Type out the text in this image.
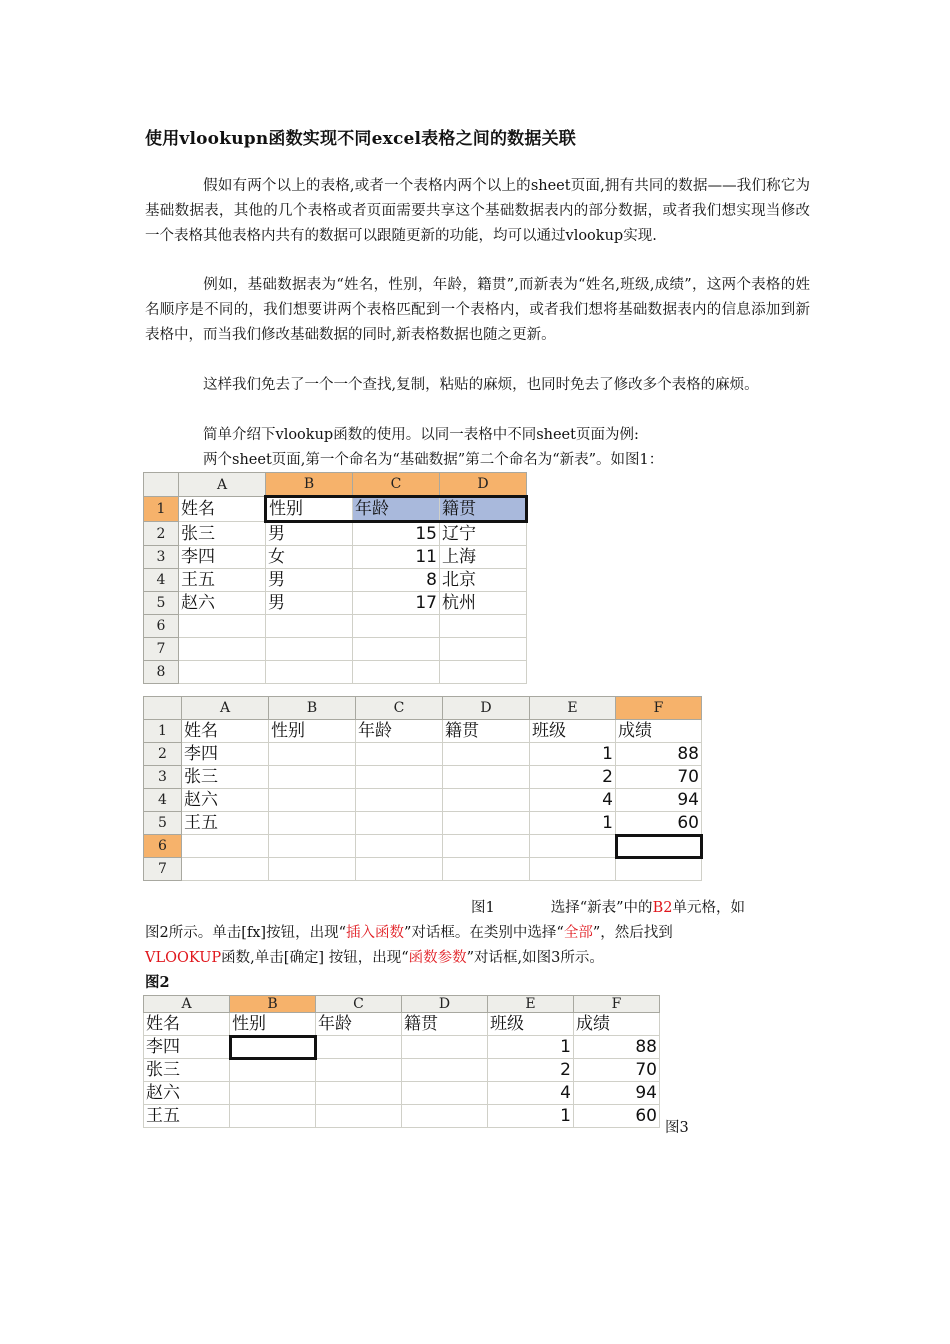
使用vlookupn函数实现不同excel表格之间的数据关联
假如有两个以上的表格,或者一个表格内两个以上的sheet页面,拥有共同的数据——我们称它为基础数据表，其他的几个表格或者页面需要共享这个基础数据表内的部分数据，或者我们想实现当修改一个表格其他表格内共有的数据可以跟随更新的功能，均可以通过vlookup实现.
例如，基础数据表为“姓名，性别，年龄，籍贯”,而新表为“姓名,班级,成绩”，这两个表格的姓名顺序是不同的，我们想要讲两个表格匹配到一个表格内，或者我们想将基础数据表内的信息添加到新表格中，而当我们修改基础数据的同时,新表格数据也随之更新。
这样我们免去了一个一个查找,复制，粘贴的麻烦，也同时免去了修改多个表格的麻烦。
简单介绍下vlookup函数的使用。以同一表格中不同sheet页面为例:
两个sheet页面,第一个命名为“基础数据”第二个命名为“新表”。如图1：
	A	B	C	D
1	姓名	性别	年龄	籍贯
2	张三	男	15	辽宁
3	李四	女	11	上海
4	王五	男	8	北京
5	赵六	男	17	杭州
6				
7				
8				
	A	B	C	D	E	F
1	姓名	性别	年龄	籍贯	班级	成绩
2	李四				1	88
3	张三				2	70
4	赵六				4	94
5	王五				1	60
6						
7						
图1	选择“新表”中的B2单元格，如
图2所示。单击[fx]按钮，出现“插入函数”对话框。在类别中选择“全部”，然后找到
VLOOKUP函数,单击[确定] 按钮，出现“函数参数”对话框,如图3所示。
图2
A	B	C	D	E	F
姓名	性别	年龄	籍贯	班级	成绩
李四				1	88
张三				2	70
赵六				4	94
王五				1	60
图3
